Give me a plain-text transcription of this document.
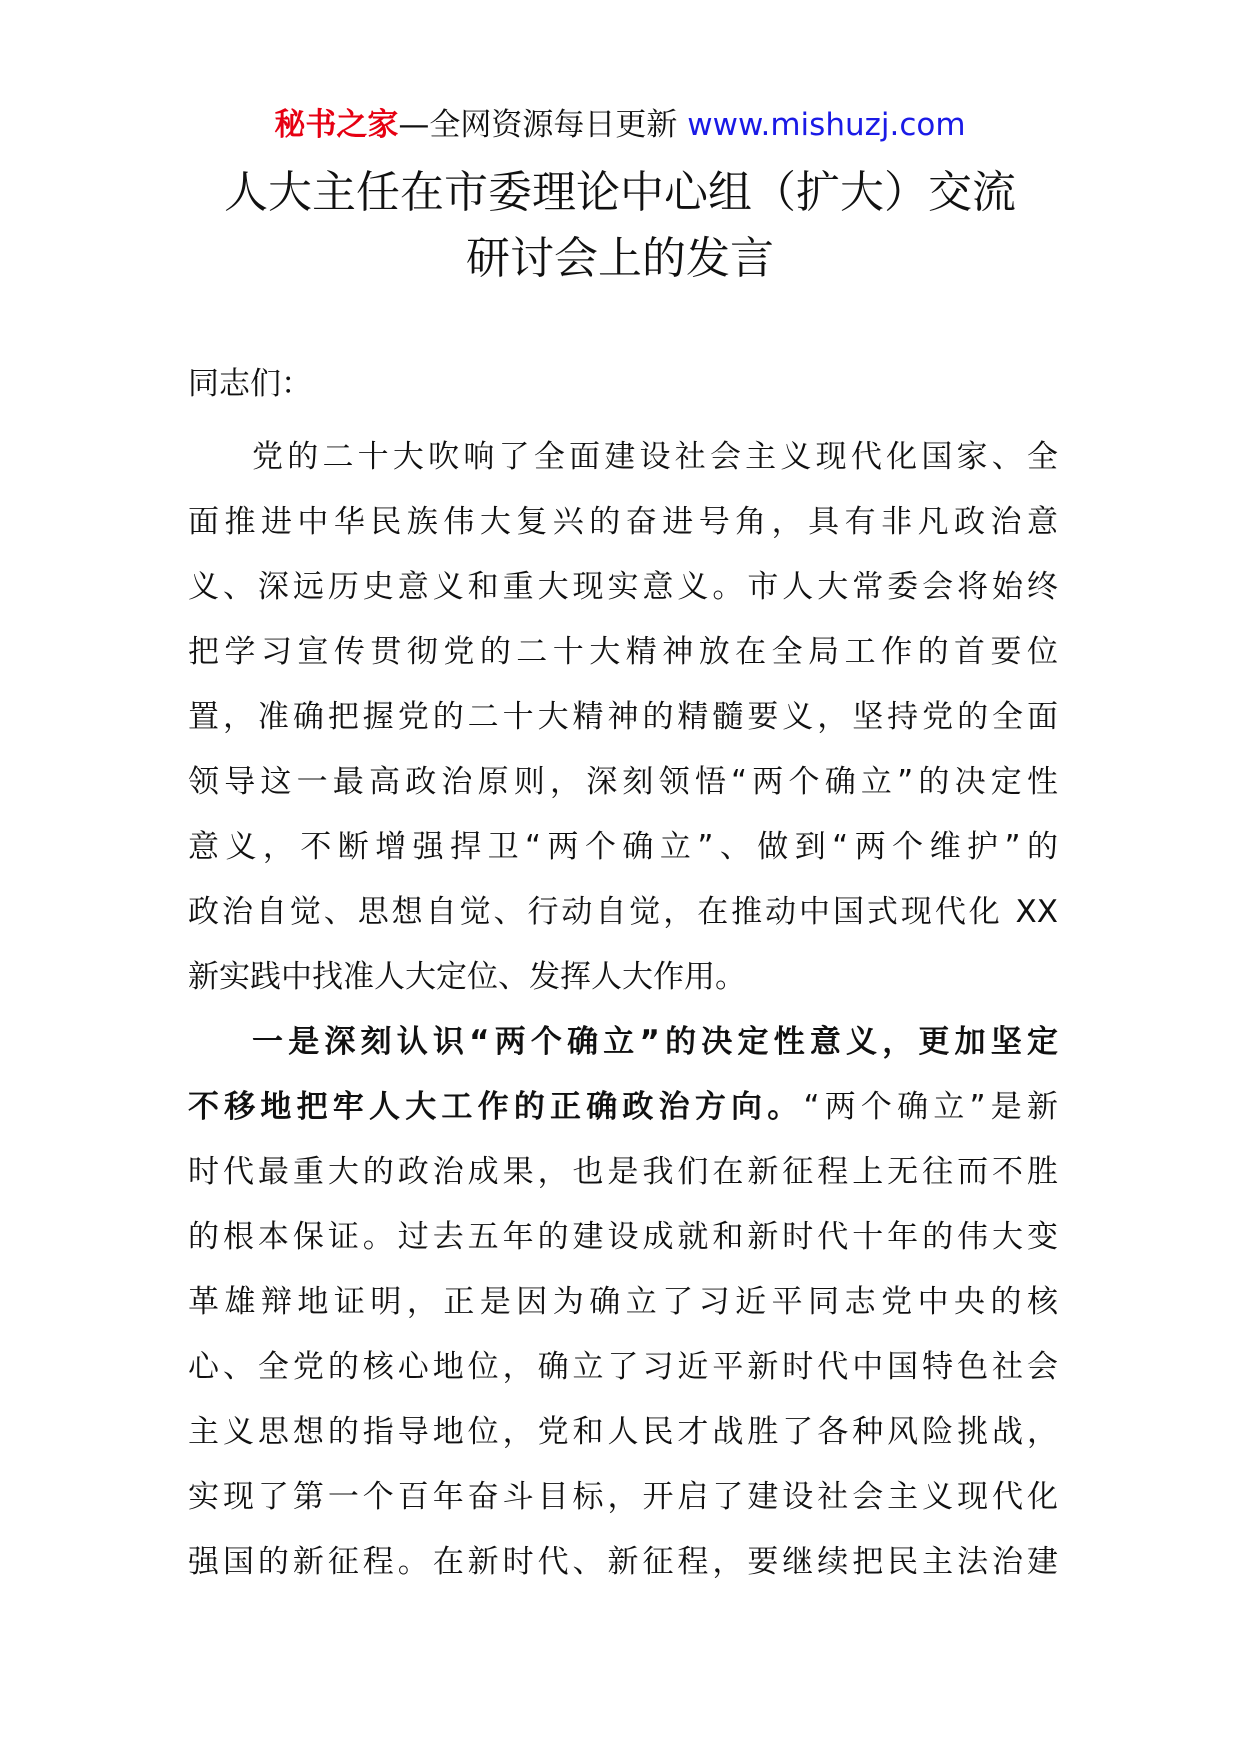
秘书之家—全网资源每日更新 www.mishuzj.com
人大主任在市委理论中心组（扩大）交流
研讨会上的发言
同志们：
党的二十大吹响了全面建设社会主义现代化国家、全
面推进中华民族伟大复兴的奋进号角，具有非凡政治意
义、深远历史意义和重大现实意义。市人大常委会将始终
把学习宣传贯彻党的二十大精神放在全局工作的首要位
置，准确把握党的二十大精神的精髓要义，坚持党的全面
领导这一最高政治原则，深刻领悟“两个确立”的决定性
意义，不断增强捍卫“两个确立”、做到“两个维护”的
政治自觉、思想自觉、行动自觉，在推动中国式现代化 XX
新实践中找准人大定位、发挥人大作用。
一是深刻认识“两个确立”的决定性意义，更加坚定
不移地把牢人大工作的正确政治方向。“两个确立”是新
时代最重大的政治成果，也是我们在新征程上无往而不胜
的根本保证。过去五年的建设成就和新时代十年的伟大变
革雄辩地证明，正是因为确立了习近平同志党中央的核
心、全党的核心地位，确立了习近平新时代中国特色社会
主义思想的指导地位，党和人民才战胜了各种风险挑战，
实现了第一个百年奋斗目标，开启了建设社会主义现代化
强国的新征程。在新时代、新征程，要继续把民主法治建
